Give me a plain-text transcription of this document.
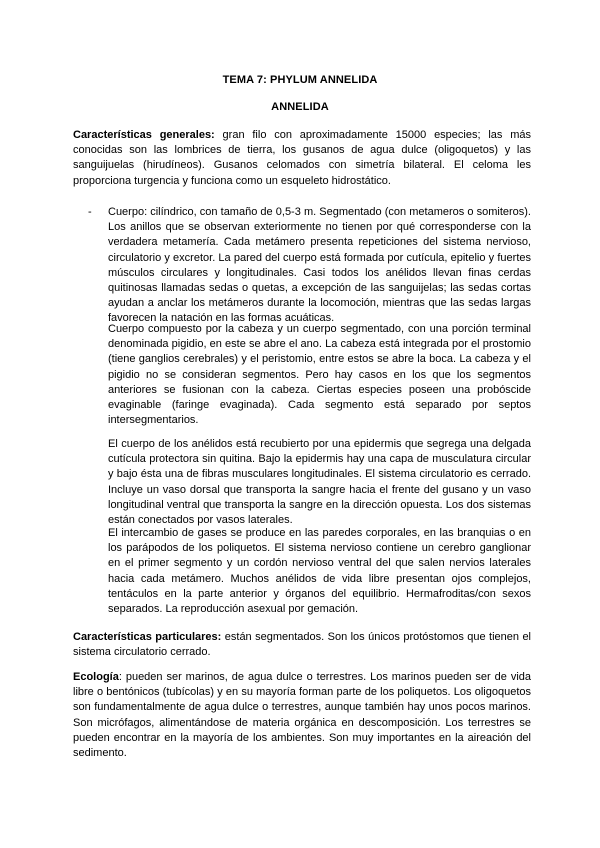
TEMA 7: PHYLUM ANNELIDA
ANNELIDA
Características generales: gran filo con aproximadamente 15000 especies; las más conocidas son las lombrices de tierra, los gusanos de agua dulce (oligoquetos) y las sanguijuelas (hirudíneos). Gusanos celomados con simetría bilateral. El celoma les proporciona turgencia y funciona como un esqueleto hidrostático.
- Cuerpo: cilíndrico, con tamaño de 0,5-3 m. Segmentado (con metameros o somiteros). Los anillos que se observan exteriormente no tienen por qué corresponderse con la verdadera metamería. Cada metámero presenta repeticiones del sistema nervioso, circulatorio y excretor. La pared del cuerpo está formada por cutícula, epitelio y fuertes músculos circulares y longitudinales. Casi todos los anélidos llevan finas cerdas quitinosas llamadas sedas o quetas, a excepción de las sanguijelas; las sedas cortas ayudan a anclar los metámeros durante la locomoción, mientras que las sedas largas favorecen la natación en las formas acuáticas.
Cuerpo compuesto por la cabeza y un cuerpo segmentado, con una porción terminal denominada pigidio, en este se abre el ano. La cabeza está integrada por el prostomio (tiene ganglios cerebrales) y el peristomio, entre estos se abre la boca. La cabeza y el pigidio no se consideran segmentos. Pero hay casos en los que los segmentos anteriores se fusionan con la cabeza. Ciertas especies poseen una probóscide evaginable (faringe evaginada). Cada segmento está separado por septos intersegmentarios.
El cuerpo de los anélidos está recubierto por una epidermis que segrega una delgada cutícula protectora sin quitina. Bajo la epidermis hay una capa de musculatura circular y bajo ésta una de fibras musculares longitudinales. El sistema circulatorio es cerrado. Incluye un vaso dorsal que transporta la sangre hacia el frente del gusano y un vaso longitudinal ventral que transporta la sangre en la dirección opuesta. Los dos sistemas están conectados por vasos laterales.
El intercambio de gases se produce en las paredes corporales, en las branquias o en los parápodos de los poliquetos. El sistema nervioso contiene un cerebro ganglionar en el primer segmento y un cordón nervioso ventral del que salen nervios laterales hacia cada metámero. Muchos anélidos de vida libre presentan ojos complejos, tentáculos en la parte anterior y órganos del equilibrio. Hermafroditas/con sexos separados. La reproducción asexual por gemación.
Características particulares: están segmentados. Son los únicos protóstomos que tienen el sistema circulatorio cerrado.
Ecología: pueden ser marinos, de agua dulce o terrestres. Los marinos pueden ser de vida libre o bentónicos (tubícolas) y en su mayoría forman parte de los poliquetos. Los oligoquetos son fundamentalmente de agua dulce o terrestres, aunque también hay unos pocos marinos. Son micrófagos, alimentándose de materia orgánica en descomposición. Los terrestres se pueden encontrar en la mayoría de los ambientes. Son muy importantes en la aireación del sedimento.
